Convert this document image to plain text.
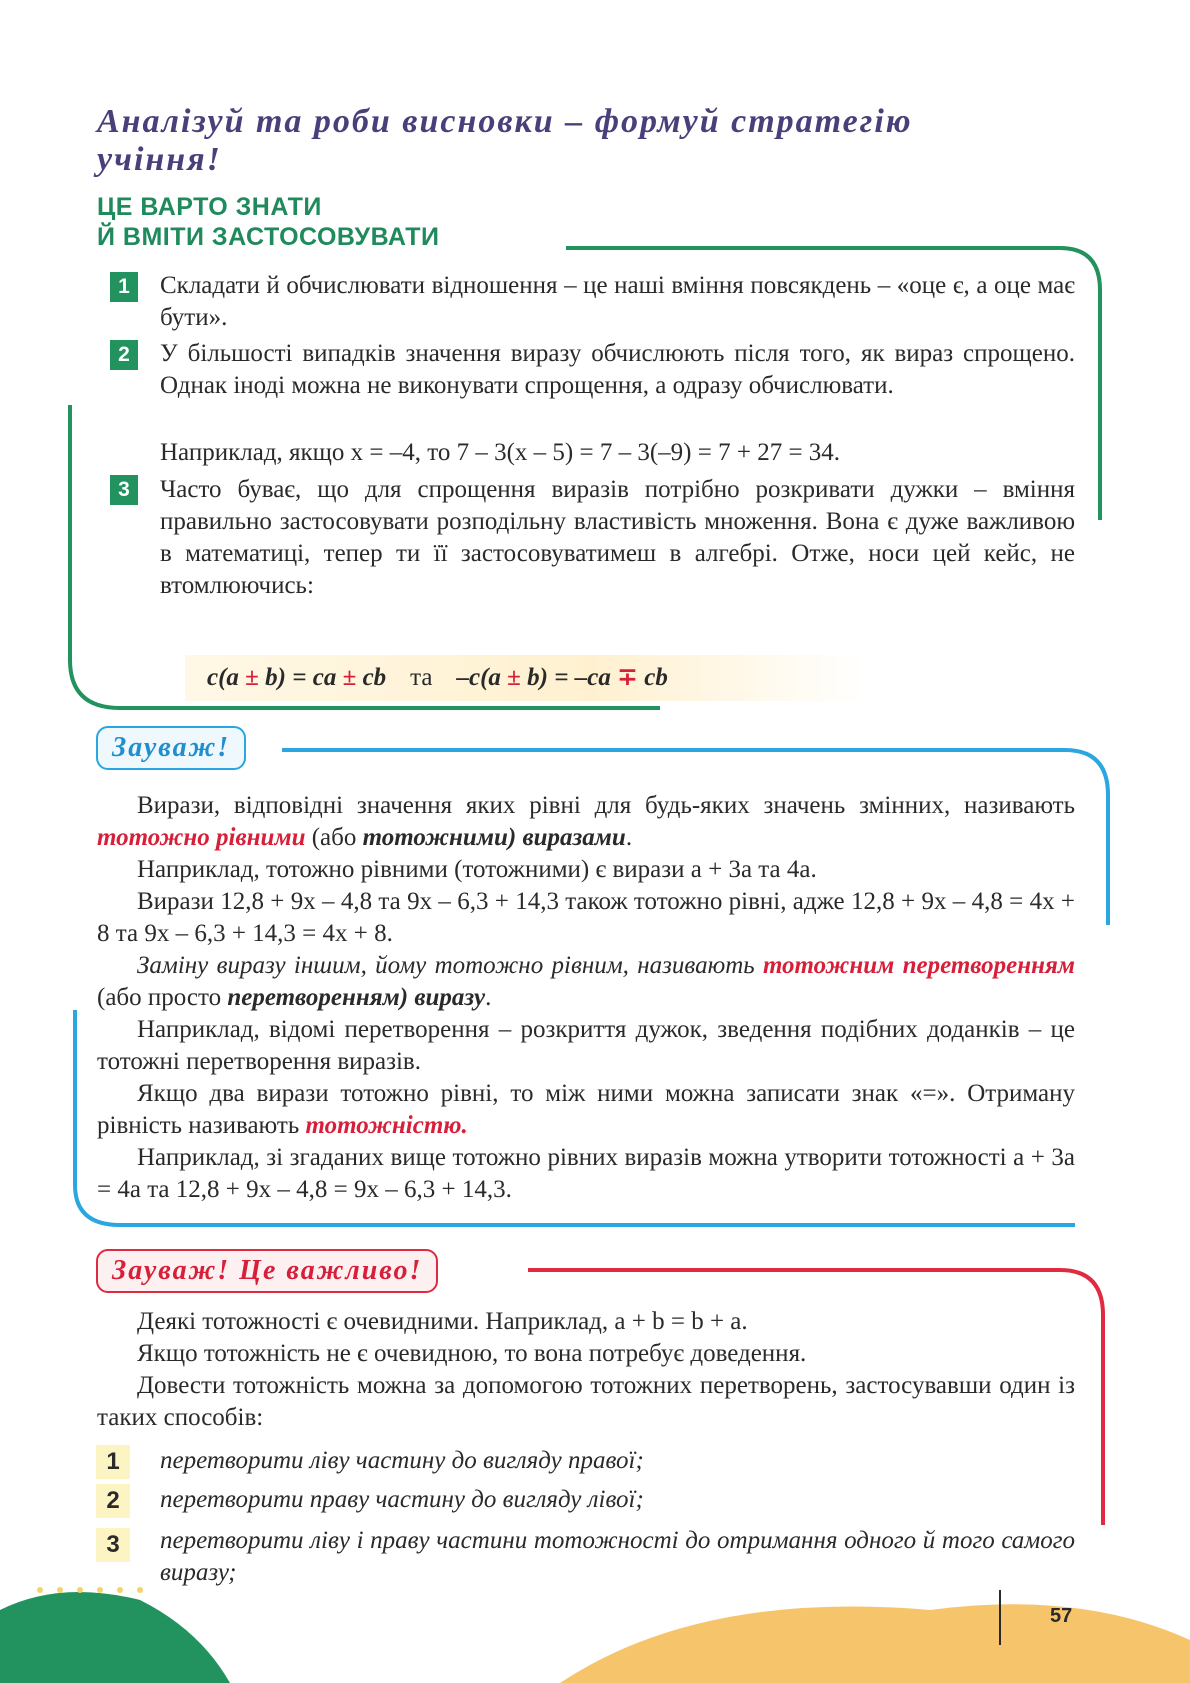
Аналізуй та роби висновки – формуй стратегію
учіння!
ЦЕ ВАРТО ЗНАТИ
Й ВМІТИ ЗАСТОСОВУВАТИ
1	Складати й обчислювати відношення – це наші вміння повсякдень – «оце є, а оце має бути».
2	У більшості випадків значення виразу обчислюють після того, як вираз спрощено. Однак іноді можна не виконувати спрощення, а одразу обчислювати.
Наприклад, якщо x = –4, то 7 – 3(x – 5) = 7 – 3(–9) = 7 + 27 = 34.
3	Часто буває, що для спрощення виразів потрібно розкривати дужки – вміння правильно застосовувати розподільну властивість множення. Вона є дуже важливою в математиці, тепер ти її застосовуватимеш в алгебрі. Отже, носи цей кейс, не втомлюючись:
c(a ± b) = ca ± cb та –c(a ± b) = –ca ∓ cb
Зауваж!

Вирази, відповідні значення яких рівні для будь-яких значень змінних, називають тотожно рівними (або тотожними) виразами.

Наприклад, тотожно рівними (тотожними) є вирази a + 3a та 4a.

Вирази 12,8 + 9x – 4,8 та 9x – 6,3 + 14,3 також тотожно рівні, адже 12,8 + 9x – 4,8 = 4x + 8 та 9x – 6,3 + 14,3 = 4x + 8.

Заміну виразу іншим, йому тотожно рівним, називають тотожним перетворенням (або просто перетворенням) виразу.

Наприклад, відомі перетворення – розкриття дужок, зведення подібних доданків – це тотожні перетворення виразів.

Якщо два вирази тотожно рівні, то між ними можна записати знак «=». Отриману рівність називають тотожністю.

Наприклад, зі згаданих вище тотожно рівних виразів можна утворити тотожності a + 3a = 4a та 12,8 + 9x – 4,8 = 9x – 6,3 + 14,3.

Зауваж! Це важливо!

Деякі тотожності є очевидними. Наприклад, a + b = b + a.

Якщо тотожність не є очевидною, то вона потребує доведення.

Довести тотожність можна за допомогою тотожних перетворень, застосувавши один із таких способів:

1	перетворити ліву частину до вигляду правої;
2	перетворити праву частину до вигляду лівої;
3	перетворити ліву і праву частини тотожності до отримання одного й того самого виразу;
57
